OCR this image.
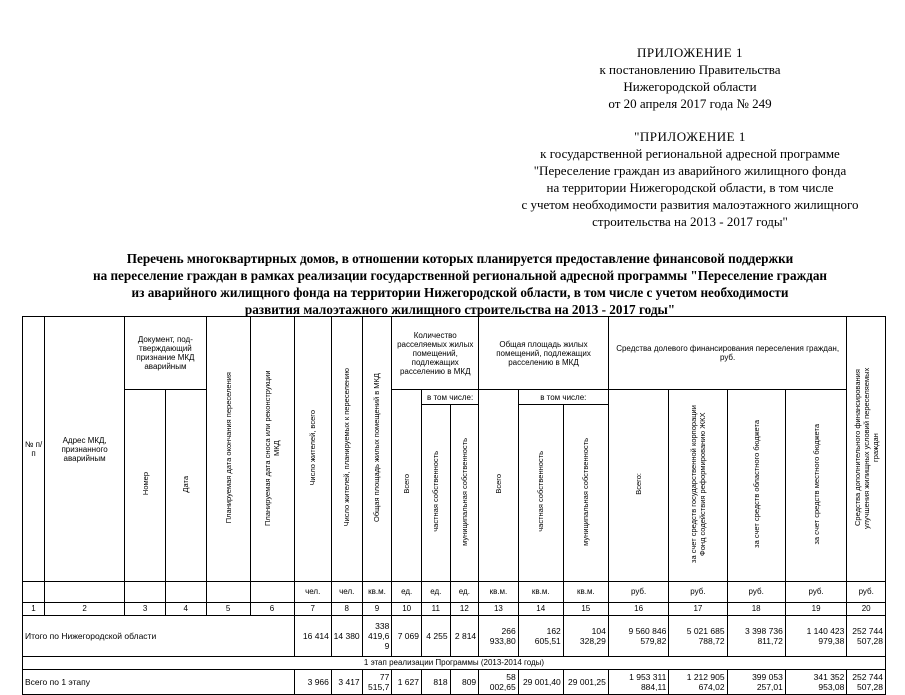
ПРИЛОЖЕНИЕ 1
к постановлению Правительства
Нижегородской области
от 20 апреля 2017 года № 249
"ПРИЛОЖЕНИЕ 1
к государственной региональной адресной программе
"Переселение граждан из аварийного жилищного фонда
на территории Нижегородской области, в том числе
с учетом необходимости развития малоэтажного жилищного
строительства на 2013 - 2017 годы"
Перечень многоквартирных домов, в отношении которых планируется предоставление финансовой поддержки
на переселение граждан в рамках реализации государственной региональной адресной программы "Переселение граждан
из аварийного жилищного фонда на территории Нижегородской области, в том числе с учетом необходимости
развития малоэтажного жилищного строительства на 2013 - 2017 годы"
№ п/п	Адрес МКД, признанного аварийным	Документ, под-тверждающий признание МКД аварийным		Планируемая дата окончания переселения	Планируемая дата сноса или реконструкции МКД	Число жителей, всего	Число жителей, планируемых к переселению	Общая площадь жилых помещений в МКД	Количество расселяемых жилых помещений, подлежащих расселению в МКД			Общая площадь жилых помещений, подлежащих расселению в МКД			Средства долевого финансирования переселения граждан, руб.				Средства дополнительного финансирования улучшения жилищных условий переселяемых граждан
		Номер	Дата						Всего	в том числе:		Всего	в том числе:		Всего:	за счет средств государственной корпорации Фонд содействия реформированию ЖКХ	за счет средств областного бюджета	за счет средств местного бюджета	
										частная собственность	муниципальная собственность		частная собственность	муниципальная собственность					
						чел.	чел.	кв.м.	ед.	ед.	ед.	кв.м.	кв.м.	кв.м.	руб.	руб.	руб.	руб.	руб.
1	2	3	4	5	6	7	8	9	10	11	12	13	14	15	16	17	18	19	20
Итого по Нижегородской области						16 414	14 380	338 419,6 9	7 069	4 255	2 814	266 933,80	162 605,51	104 328,29	9 560 846 579,82	5 021 685 788,72	3 398 736 811,72	1 140 423 979,38	252 744 507,28
1 этап реализации Программы (2013-2014 годы)																			
Всего по 1 этапу						3 966	3 417	77 515,7	1 627	818	809	58 002,65	29 001,40	29 001,25	1 953 311 884,11	1 212 905 674,02	399 053 257,01	341 352 953,08	252 744 507,28
